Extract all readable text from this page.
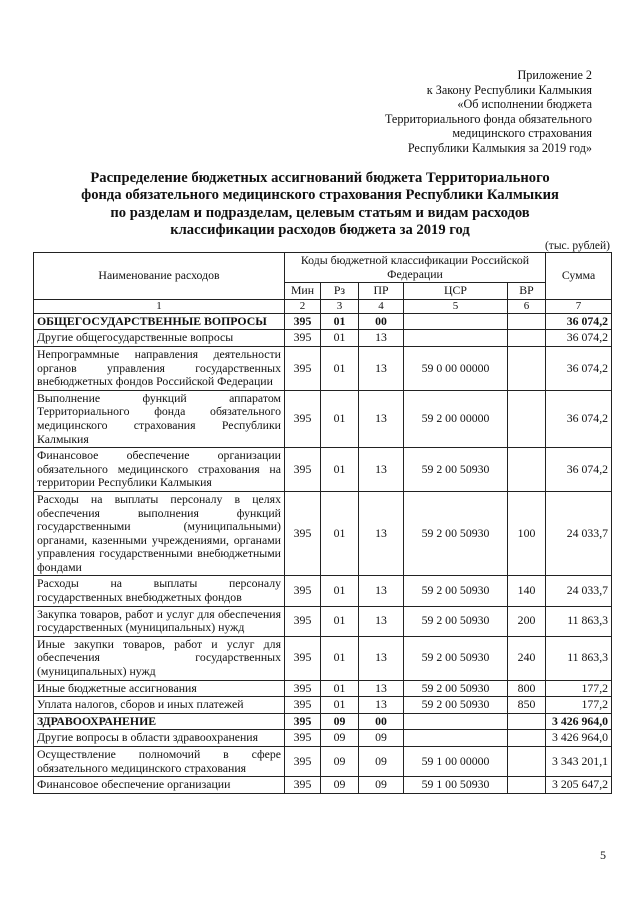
Приложение 2
к Закону Республики Калмыкия
«Об исполнении бюджета
Территориального фонда обязательного
медицинского страхования
Республики Калмыкия за 2019 год»
Распределение бюджетных ассигнований бюджета Территориального
фонда обязательного медицинского страхования Республики Калмыкия
по разделам и подразделам, целевым статьям и видам расходов
классификации расходов бюджета за 2019 год
(тыс. рублей)
Наименование расходов	Коды бюджетной классификации Российской Федерации					Сумма
	Мин	Рз	ПР	ЦСР	ВР	
1	2	3	4	5	6	7
ОБЩЕГОСУДАРСТВЕННЫЕ ВОПРОСЫ	395	01	00			36 074,2
Другие общегосударственные вопросы	395	01	13			36 074,2
Непрограммные направления деятельности органов управления государственных внебюджетных фондов Российской Федерации	395	01	13	59 0 00 00000		36 074,2
Выполнение функций аппаратом Территориального фонда обязательного медицинского страхования Республики Калмыкия	395	01	13	59 2 00 00000		36 074,2
Финансовое обеспечение организации обязательного медицинского страхования на территории Республики Калмыкия	395	01	13	59 2 00 50930		36 074,2
Расходы на выплаты персоналу в целях обеспечения выполнения функций государственными (муниципальными) органами, казенными учреждениями, органами управления государственными внебюджетными фондами	395	01	13	59 2 00 50930	100	24 033,7
Расходы на выплаты персоналу государственных внебюджетных фондов	395	01	13	59 2 00 50930	140	24 033,7
Закупка товаров, работ и услуг для обеспечения государственных (муниципальных) нужд	395	01	13	59 2 00 50930	200	11 863,3
Иные закупки товаров, работ и услуг для обеспечения государственных (муниципальных) нужд	395	01	13	59 2 00 50930	240	11 863,3
Иные бюджетные ассигнования	395	01	13	59 2 00 50930	800	177,2
Уплата налогов, сборов и иных платежей	395	01	13	59 2 00 50930	850	177,2
ЗДРАВООХРАНЕНИЕ	395	09	00			3 426 964,0
Другие вопросы в области здравоохранения	395	09	09			3 426 964,0
Осуществление полномочий в сфере обязательного медицинского страхования	395	09	09	59 1 00 00000		3 343 201,1
Финансовое обеспечение организации	395	09	09	59 1 00 50930		3 205 647,2
5
